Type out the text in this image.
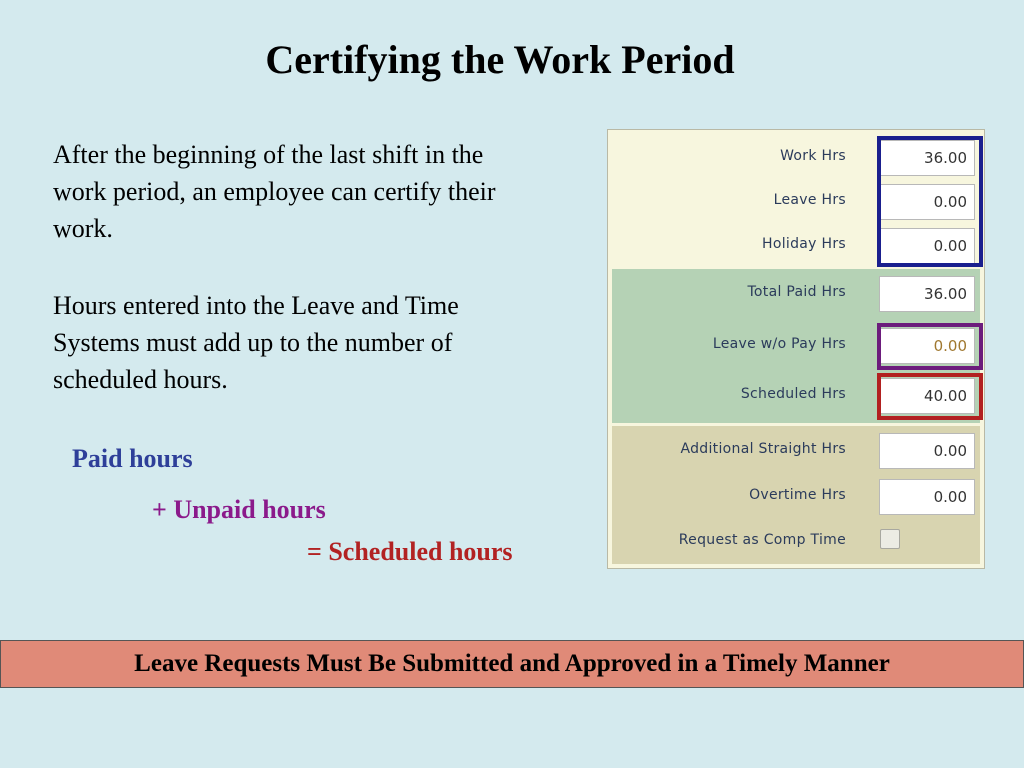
Certifying the Work Period
After the beginning of the last shift in the work period, an employee can certify their work.
Hours entered into the Leave and Time Systems must add up to the number of scheduled hours.
Paid hours
+ Unpaid hours
= Scheduled hours
Work Hrs	36.00
Leave Hrs	0.00
Holiday Hrs	0.00
Total Paid Hrs	36.00
Leave w/o Pay Hrs	0.00
Scheduled Hrs	40.00
Additional Straight Hrs	0.00
Overtime Hrs	0.00
Request as Comp Time
Leave Requests Must Be Submitted and Approved in a Timely Manner
